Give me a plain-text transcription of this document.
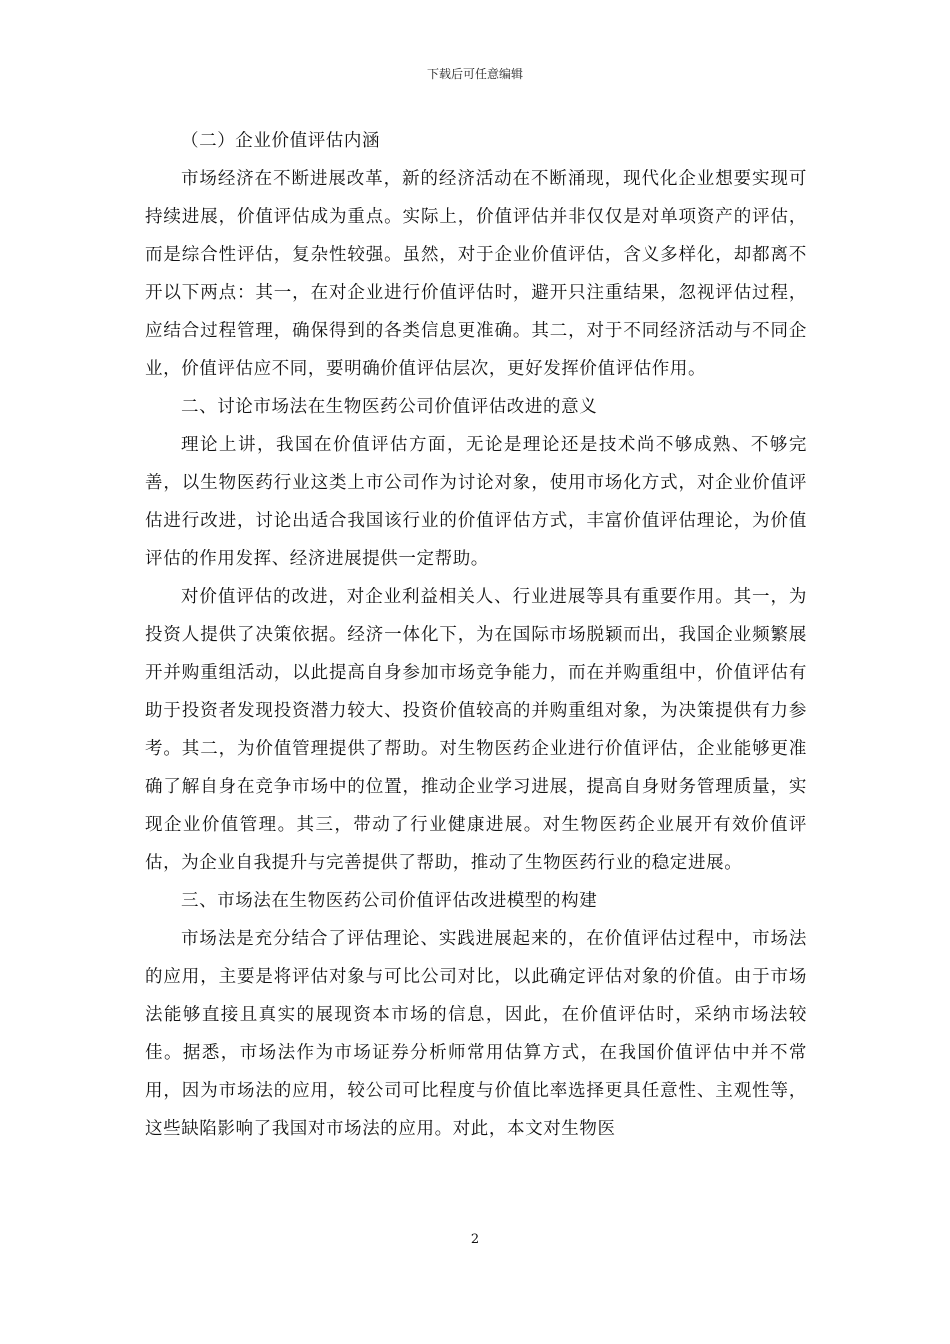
下载后可任意编辑

（二）企业价值评估内涵

市场经济在不断进展改革，新的经济活动在不断涌现，现代化企业想要实现可持续进展，价值评估成为重点。实际上，价值评估并非仅仅是对单项资产的评估，而是综合性评估，复杂性较强。虽然，对于企业价值评估，含义多样化，却都离不开以下两点：其一，在对企业进行价值评估时，避开只注重结果，忽视评估过程，应结合过程管理，确保得到的各类信息更准确。其二，对于不同经济活动与不同企业，价值评估应不同，要明确价值评估层次，更好发挥价值评估作用。

二、讨论市场法在生物医药公司价值评估改进的意义

理论上讲，我国在价值评估方面，无论是理论还是技术尚不够成熟、不够完善，以生物医药行业这类上市公司作为讨论对象，使用市场化方式，对企业价值评估进行改进，讨论出适合我国该行业的价值评估方式，丰富价值评估理论，为价值评估的作用发挥、经济进展提供一定帮助。

对价值评估的改进，对企业利益相关人、行业进展等具有重要作用。其一，为投资人提供了决策依据。经济一体化下，为在国际市场脱颖而出，我国企业频繁展开并购重组活动，以此提高自身参加市场竞争能力，而在并购重组中，价值评估有助于投资者发现投资潜力较大、投资价值较高的并购重组对象，为决策提供有力参考。其二，为价值管理提供了帮助。对生物医药企业进行价值评估，企业能够更准确了解自身在竞争市场中的位置，推动企业学习进展，提高自身财务管理质量，实现企业价值管理。其三，带动了行业健康进展。对生物医药企业展开有效价值评估，为企业自我提升与完善提供了帮助，推动了生物医药行业的稳定进展。

三、市场法在生物医药公司价值评估改进模型的构建

市场法是充分结合了评估理论、实践进展起来的，在价值评估过程中，市场法的应用，主要是将评估对象与可比公司对比，以此确定评估对象的价值。由于市场法能够直接且真实的展现资本市场的信息，因此，在价值评估时，采纳市场法较佳。据悉，市场法作为市场证券分析师常用估算方式，在我国价值评估中并不常用，因为市场法的应用，较公司可比程度与价值比率选择更具任意性、主观性等，这些缺陷影响了我国对市场法的应用。对此，本文对生物医

2
